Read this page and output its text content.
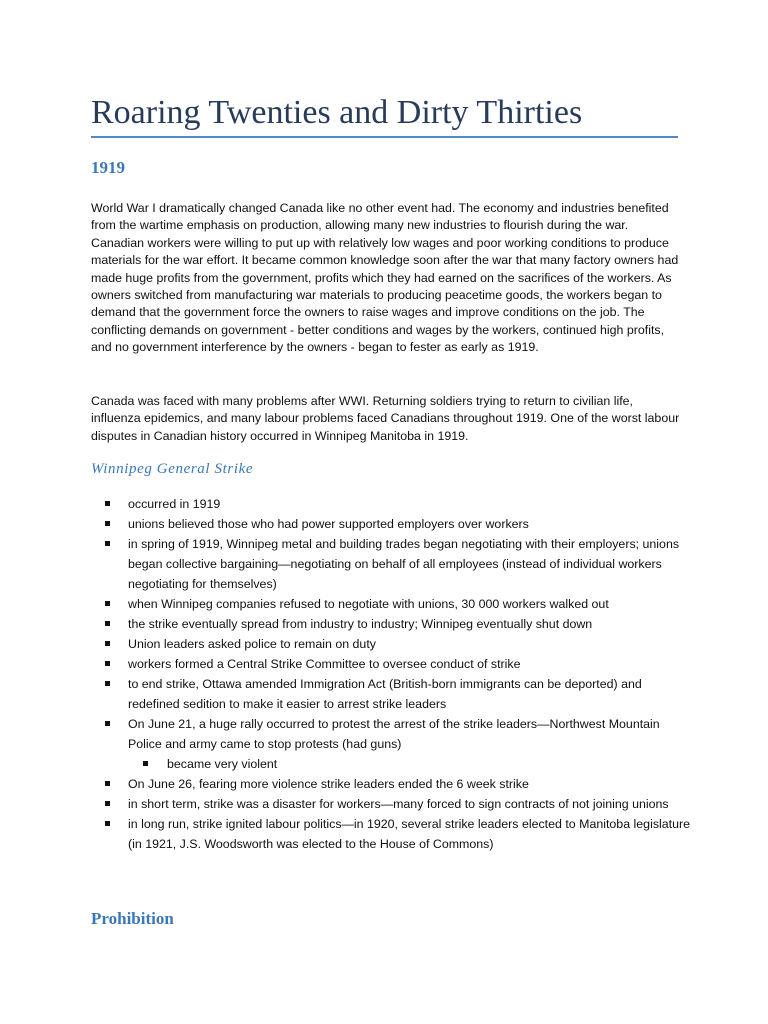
Roaring Twenties and Dirty Thirties
1919

World War I dramatically changed Canada like no other event had. The economy and industries benefited from the wartime emphasis on production, allowing many new industries to flourish during the war. Canadian workers were willing to put up with relatively low wages and poor working conditions to produce materials for the war effort. It became common knowledge soon after the war that many factory owners had made huge profits from the government, profits which they had earned on the sacrifices of the workers. As owners switched from manufacturing war materials to producing peacetime goods, the workers began to demand that the government force the owners to raise wages and improve conditions on the job. The conflicting demands on government - better conditions and wages by the workers, continued high profits, and no government interference by the owners - began to fester as early as 1919.

Canada was faced with many problems after WWI. Returning soldiers trying to return to civilian life, influenza epidemics, and many labour problems faced Canadians throughout 1919. One of the worst labour disputes in Canadian history occurred in Winnipeg Manitoba in 1919.

Winnipeg General Strike
occurred in 1919
unions believed those who had power supported employers over workers
in spring of 1919, Winnipeg metal and building trades began negotiating with their employers; unions began collective bargaining—negotiating on behalf of all employees (instead of individual workers negotiating for themselves)
when Winnipeg companies refused to negotiate with unions, 30 000 workers walked out
the strike eventually spread from industry to industry; Winnipeg eventually shut down
Union leaders asked police to remain on duty
workers formed a Central Strike Committee to oversee conduct of strike
to end strike, Ottawa amended Immigration Act (British-born immigrants can be deported) and redefined sedition to make it easier to arrest strike leaders
On June 21, a huge rally occurred to protest the arrest of the strike leaders—Northwest Mountain Police and army came to stop protests (had guns)
became very violent
On June 26, fearing more violence strike leaders ended the 6 week strike
in short term, strike was a disaster for workers—many forced to sign contracts of not joining unions
in long run, strike ignited labour politics—in 1920, several strike leaders elected to Manitoba legislature (in 1921, J.S. Woodsworth was elected to the House of Commons)
Prohibition
